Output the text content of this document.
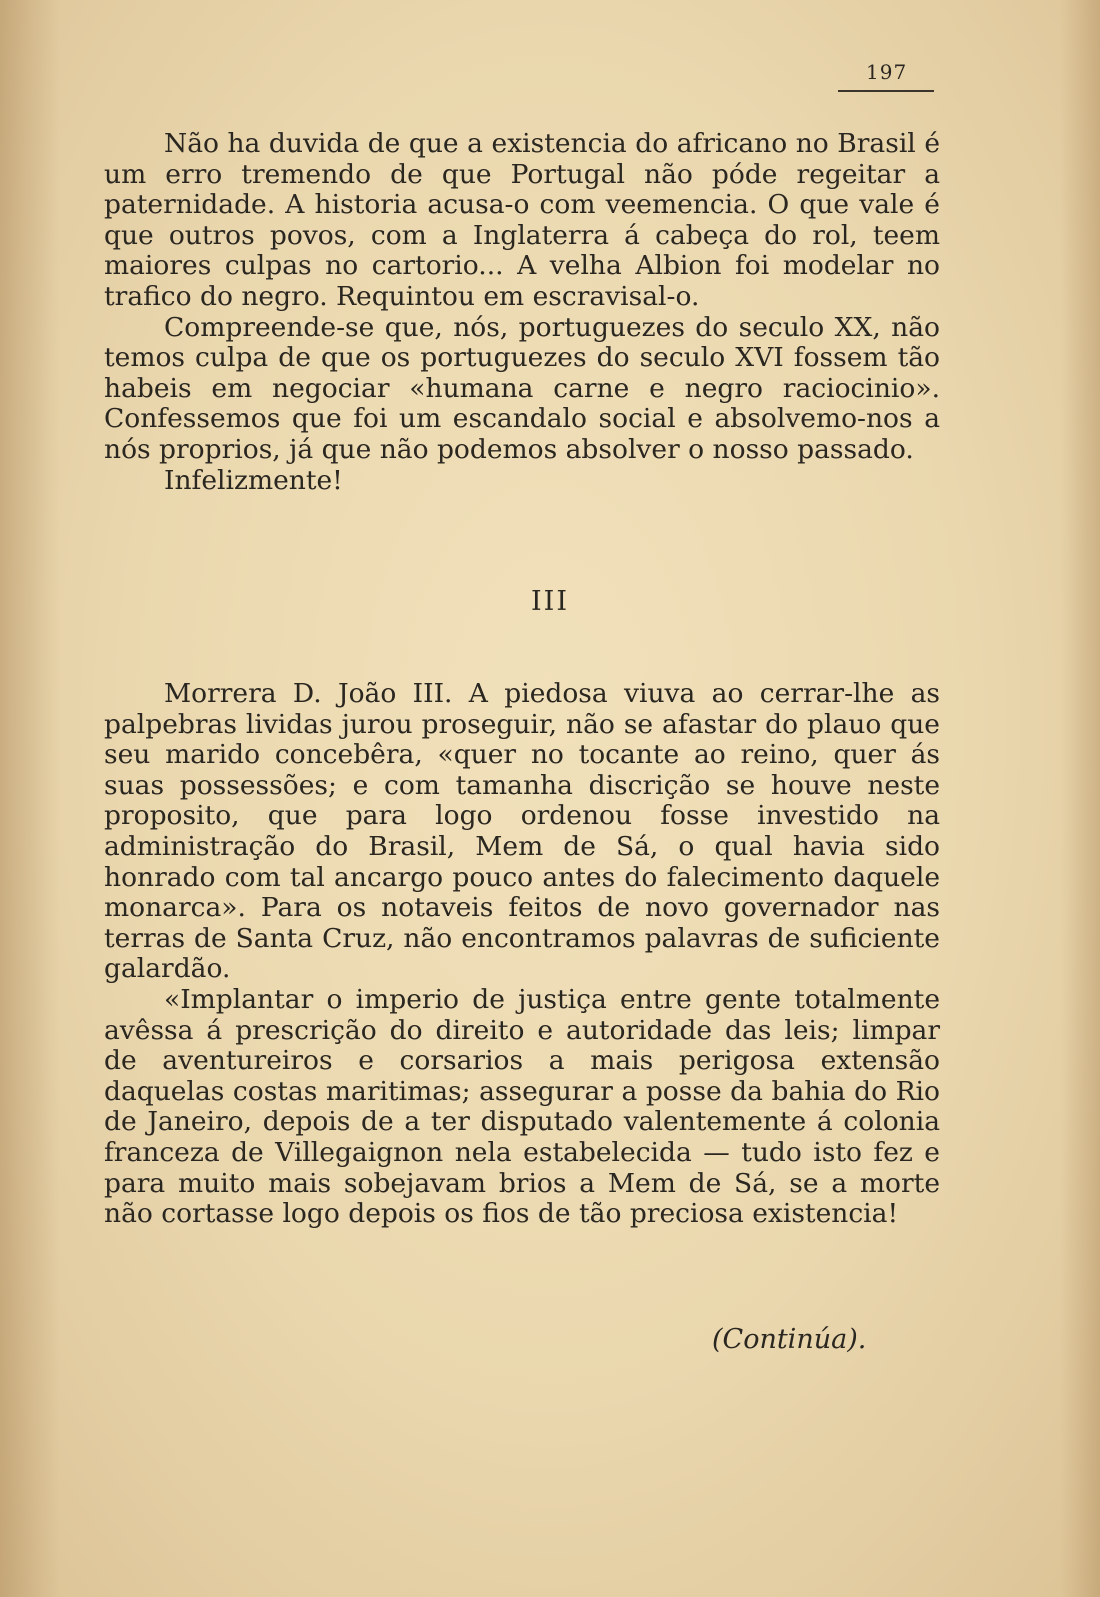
197

Não ha duvida de que a existencia do africano no Brasil é um erro tremendo de que Portugal não póde regeitar a paternidade. A historia acusa-o com veemencia. O que vale é que outros povos, com a Inglaterra á cabeça do rol, teem maiores culpas no cartorio... A velha Albion foi modelar no trafico do negro. Requintou em escravisal-o.

Compreende-se que, nós, portuguezes do seculo XX, não temos culpa de que os portuguezes do seculo XVI fossem tão habeis em negociar «humana carne e negro raciocinio». Confessemos que foi um escandalo social e absolvemo-nos a nós proprios, já que não podemos absolver o nosso passado.

Infelizmente!

III

Morrera D. João III. A piedosa viuva ao cerrar-lhe as palpebras lividas jurou proseguir, não se afastar do plauo que seu marido concebêra, «quer no tocante ao reino, quer ás suas possessões; e com tamanha discrição se houve neste proposito, que para logo ordenou fosse investido na administração do Brasil, Mem de Sá, o qual havia sido honrado com tal ancargo pouco antes do falecimento daquele monarca». Para os notaveis feitos de novo governador nas terras de Santa Cruz, não encontramos palavras de suficiente galardão.

«Implantar o imperio de justiça entre gente totalmente avêssa á prescrição do direito e autoridade das leis; limpar de aventureiros e corsarios a mais perigosa extensão daquelas costas maritimas; assegurar a posse da bahia do Rio de Janeiro, depois de a ter disputado valentemente á colonia franceza de Villegaignon nela estabelecida — tudo isto fez e para muito mais sobejavam brios a Mem de Sá, se a morte não cortasse logo depois os fios de tão preciosa existencia!

(Continúa).
